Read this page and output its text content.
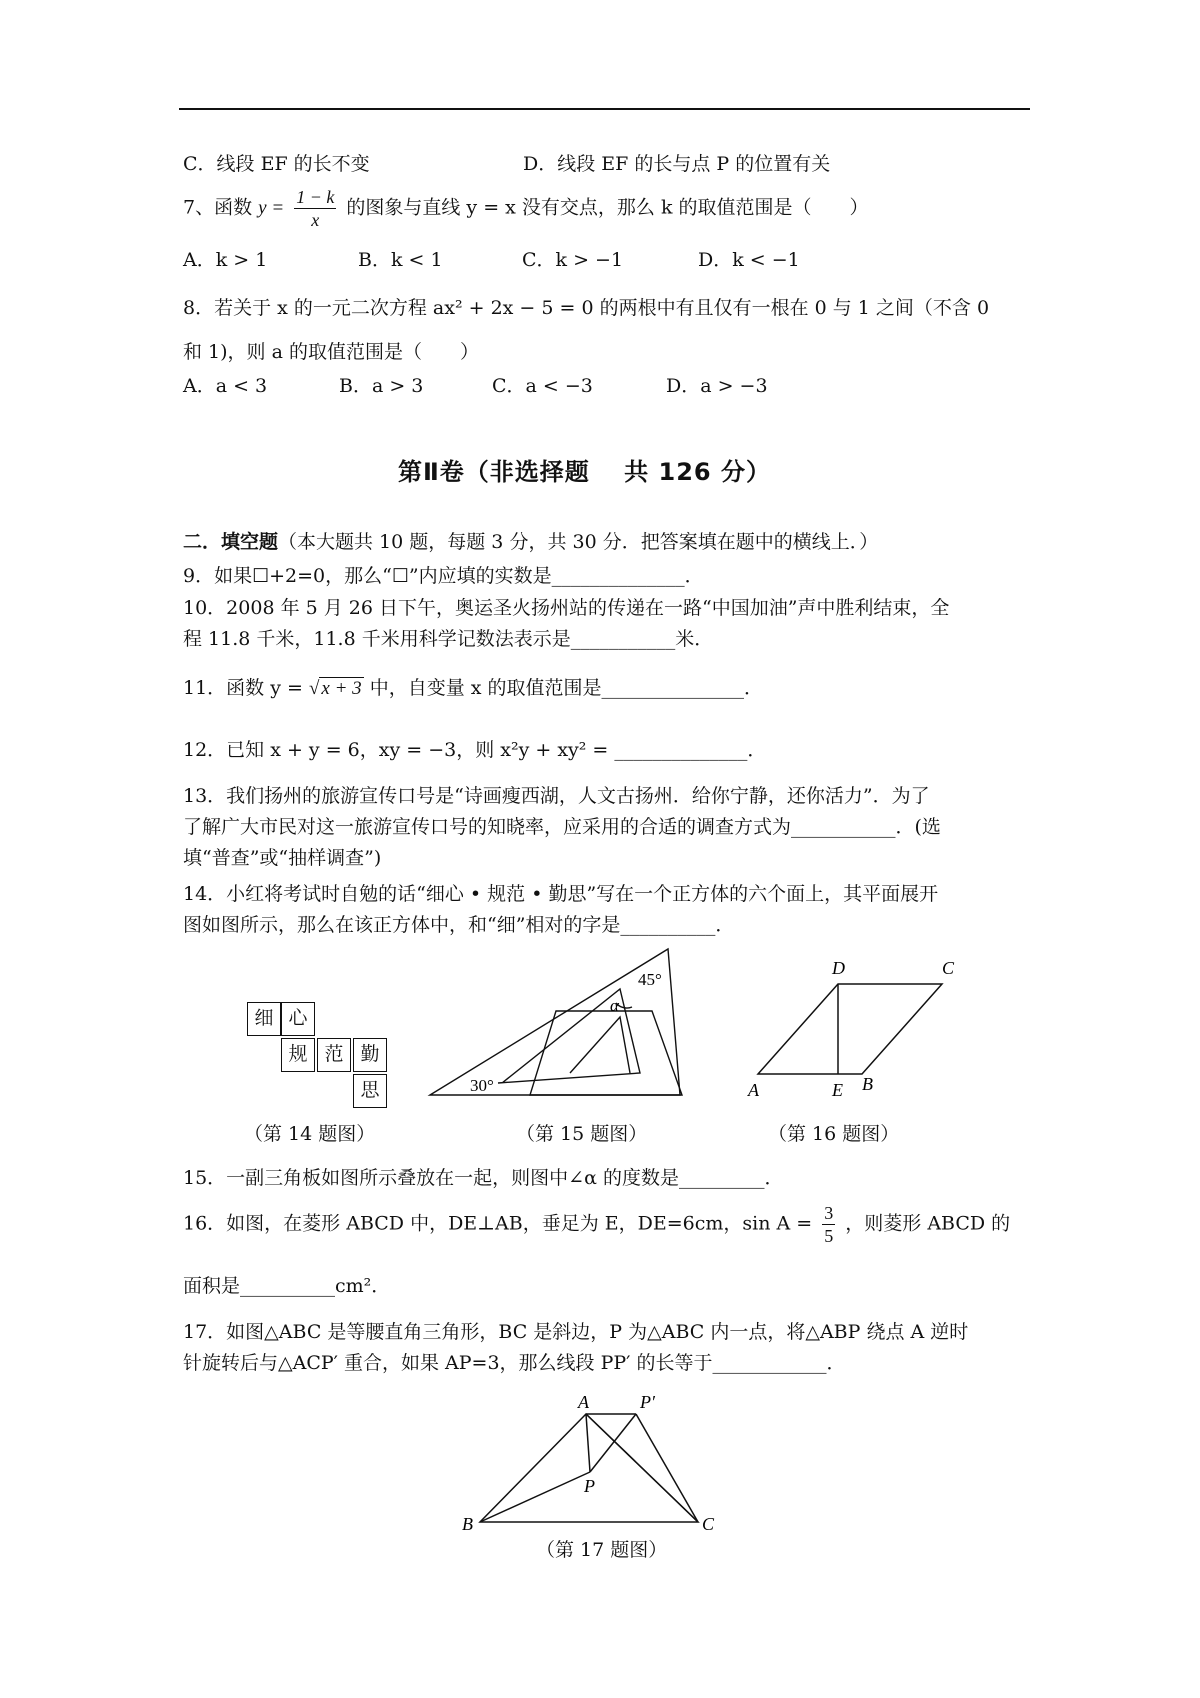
C．线段 EF 的长不变	D．线段 EF 的长与点 P 的位置有关
7、函数 $y = \frac{1 - k}{x}$ 的图象与直线 y = x 没有交点，那么 k 的取值范围是（　　）
A．k > 1	B．k < 1	C．k > −1	D．k < −1
8．若关于 x 的一元二次方程 ax² + 2x − 5 = 0 的两根中有且仅有一根在 0 与 1 之间（不含 0
和 1)，则 a 的取值范围是（　　）
A．a < 3	B．a > 3	C．a < −3	D．a > −3
第Ⅱ卷（非选择题　 共 126 分）
二．填空题（本大题共 10 题，每题 3 分，共 30 分．把答案填在题中的横线上．）
9．如果☐+2=0，那么“☐”内应填的实数是______________．
10．2008 年 5 月 26 日下午，奥运圣火扬州站的传递在一路“中国加油”声中胜利结束，全
程 11.8 千米，11.8 千米用科学记数法表示是___________米．
11．函数 y = √ x + 3 中，自变量 x 的取值范围是_______________．
12．已知 x + y = 6，xy = −3，则 x²y + xy² = ______________．
13．我们扬州的旅游宣传口号是“诗画瘦西湖，人文古扬州．给你宁静，还你活力”．为了
了解广大市民对这一旅游宣传口号的知晓率，应采用的合适的调查方式为___________．(选
填“普查”或“抽样调查”)
14．小红将考试时自勉的话“细心 • 规范 • 勤思”写在一个正方体的六个面上，其平面展开
图如图所示，那么在该正方体中，和“细”相对的字是__________．
细 心
规 范 勤
思
（第 14 题图）
45°
α
30°
（第 15 题图）
D	C
A	E B
（第 16 题图）
15．一副三角板如图所示叠放在一起，则图中∠α 的度数是_________．
16．如图，在菱形 ABCD 中，DE⊥AB，垂足为 E，DE=6cm，$\sin A = \frac{3}{5}$ ，则菱形 ABCD 的
面积是__________cm²．
17．如图△ABC 是等腰直角三角形，BC 是斜边，P 为△ABC 内一点，将△ABP 绕点 A 逆时
针旋转后与△ACP′ 重合，如果 AP=3，那么线段 PP′ 的长等于____________．
A	P′
P
B	C
（第 17 题图）
